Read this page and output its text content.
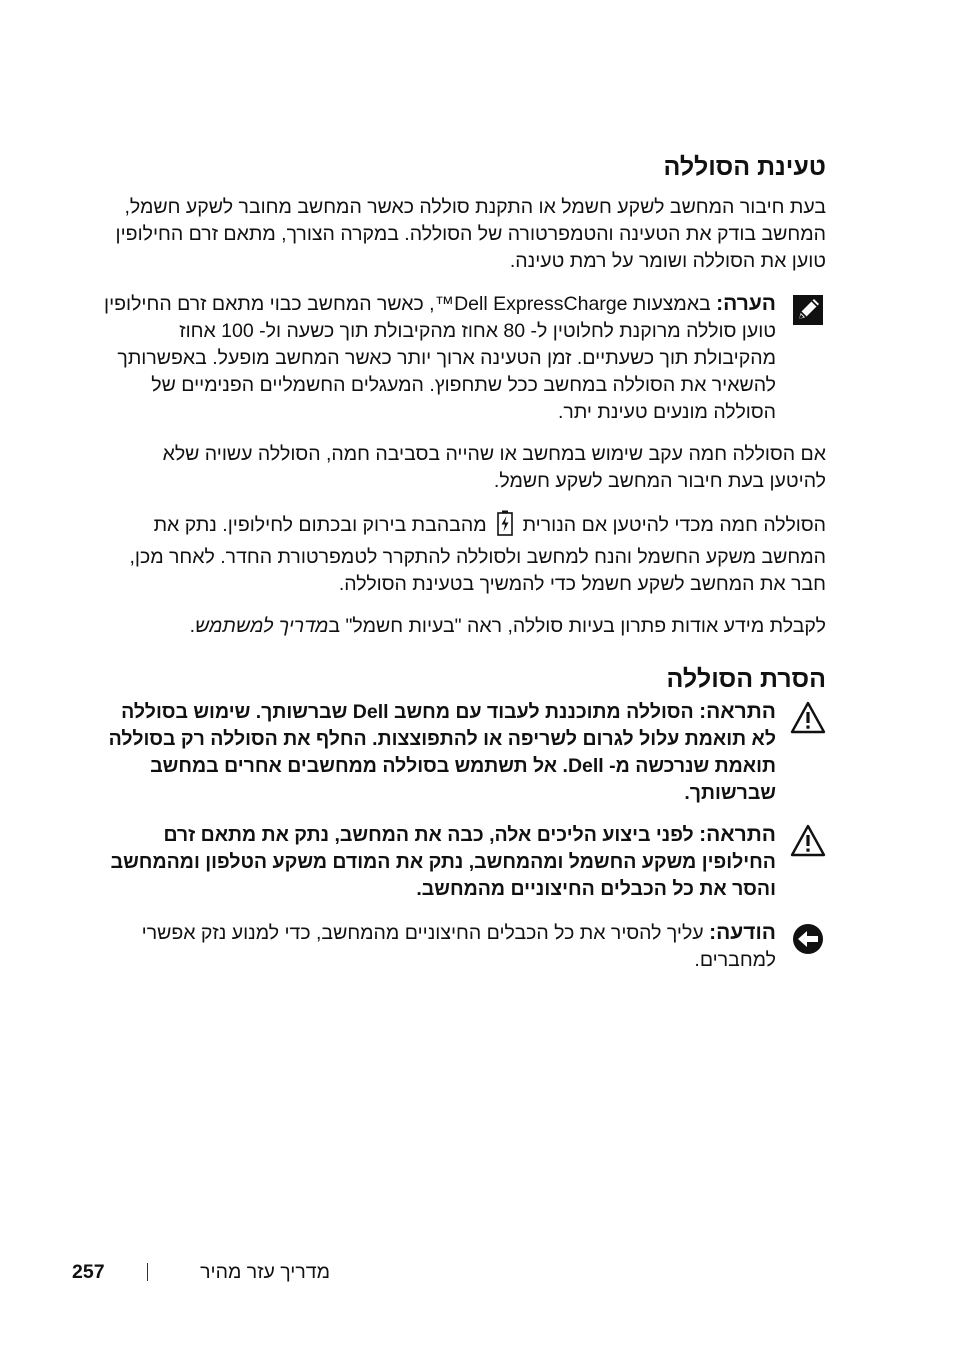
טעינת הסוללה

בעת חיבור המחשב לשקע חשמל או התקנת סוללה כאשר המחשב מחובר לשקע חשמל, המחשב בודק את הטעינה והטמפרטורה של הסוללה. במקרה הצורך, מתאם זרם החילופין טוען את הסוללה ושומר על רמת טעינה.

הערה: באמצעות Dell ExpressCharge™, כאשר המחשב כבוי מתאם זרם החילופין טוען סוללה מרוקנת לחלוטין ל- 80 אחוז מהקיבולת תוך כשעה ול- 100 אחוז מהקיבולת תוך כשעתיים. זמן הטעינה ארוך יותר כאשר המחשב מופעל. באפשרותך להשאיר את הסוללה במחשב ככל שתחפוץ. המעגלים החשמליים הפנימיים של הסוללה מונעים טעינת יתר.

אם הסוללה חמה עקב שימוש במחשב או שהייה בסביבה חמה, הסוללה עשויה שלא להיטען בעת חיבור המחשב לשקע חשמל.

הסוללה חמה מכדי להיטען אם הנוריתמהבהבת בירוק ובכתום לחילופין. נתק את המחשב משקע החשמל והנח למחשב ולסוללה להתקרר לטמפרטורת החדר. לאחר מכן, חבר את המחשב לשקע חשמל כדי להמשיך בטעינת הסוללה.

לקבלת מידע אודות פתרון בעיות סוללה, ראה "בעיות חשמל" במדריך למשתמש.

הסרת הסוללה
התראה: הסוללה מתוכננת לעבוד עם מחשב Dell שברשותך. שימוש בסוללה לא תואמת עלול לגרום לשריפה או להתפוצצות. החלף את הסוללה רק בסוללה תואמת שנרכשה מ- Dell. אל תשתמש בסוללה ממחשבים אחרים במחשב שברשותך.
התראה: לפני ביצוע הליכים אלה, כבה את המחשב, נתק את מתאם זרם החילופין משקע החשמל ומהמחשב, נתק את המודם משקע הטלפון ומהמחשב והסר את כל הכבלים החיצוניים מהמחשב.
הודעה: עליך להסיר את כל הכבלים החיצוניים מהמחשב, כדי למנוע נזק אפשרי למחברים.
257	מדריך עזר מהיר
